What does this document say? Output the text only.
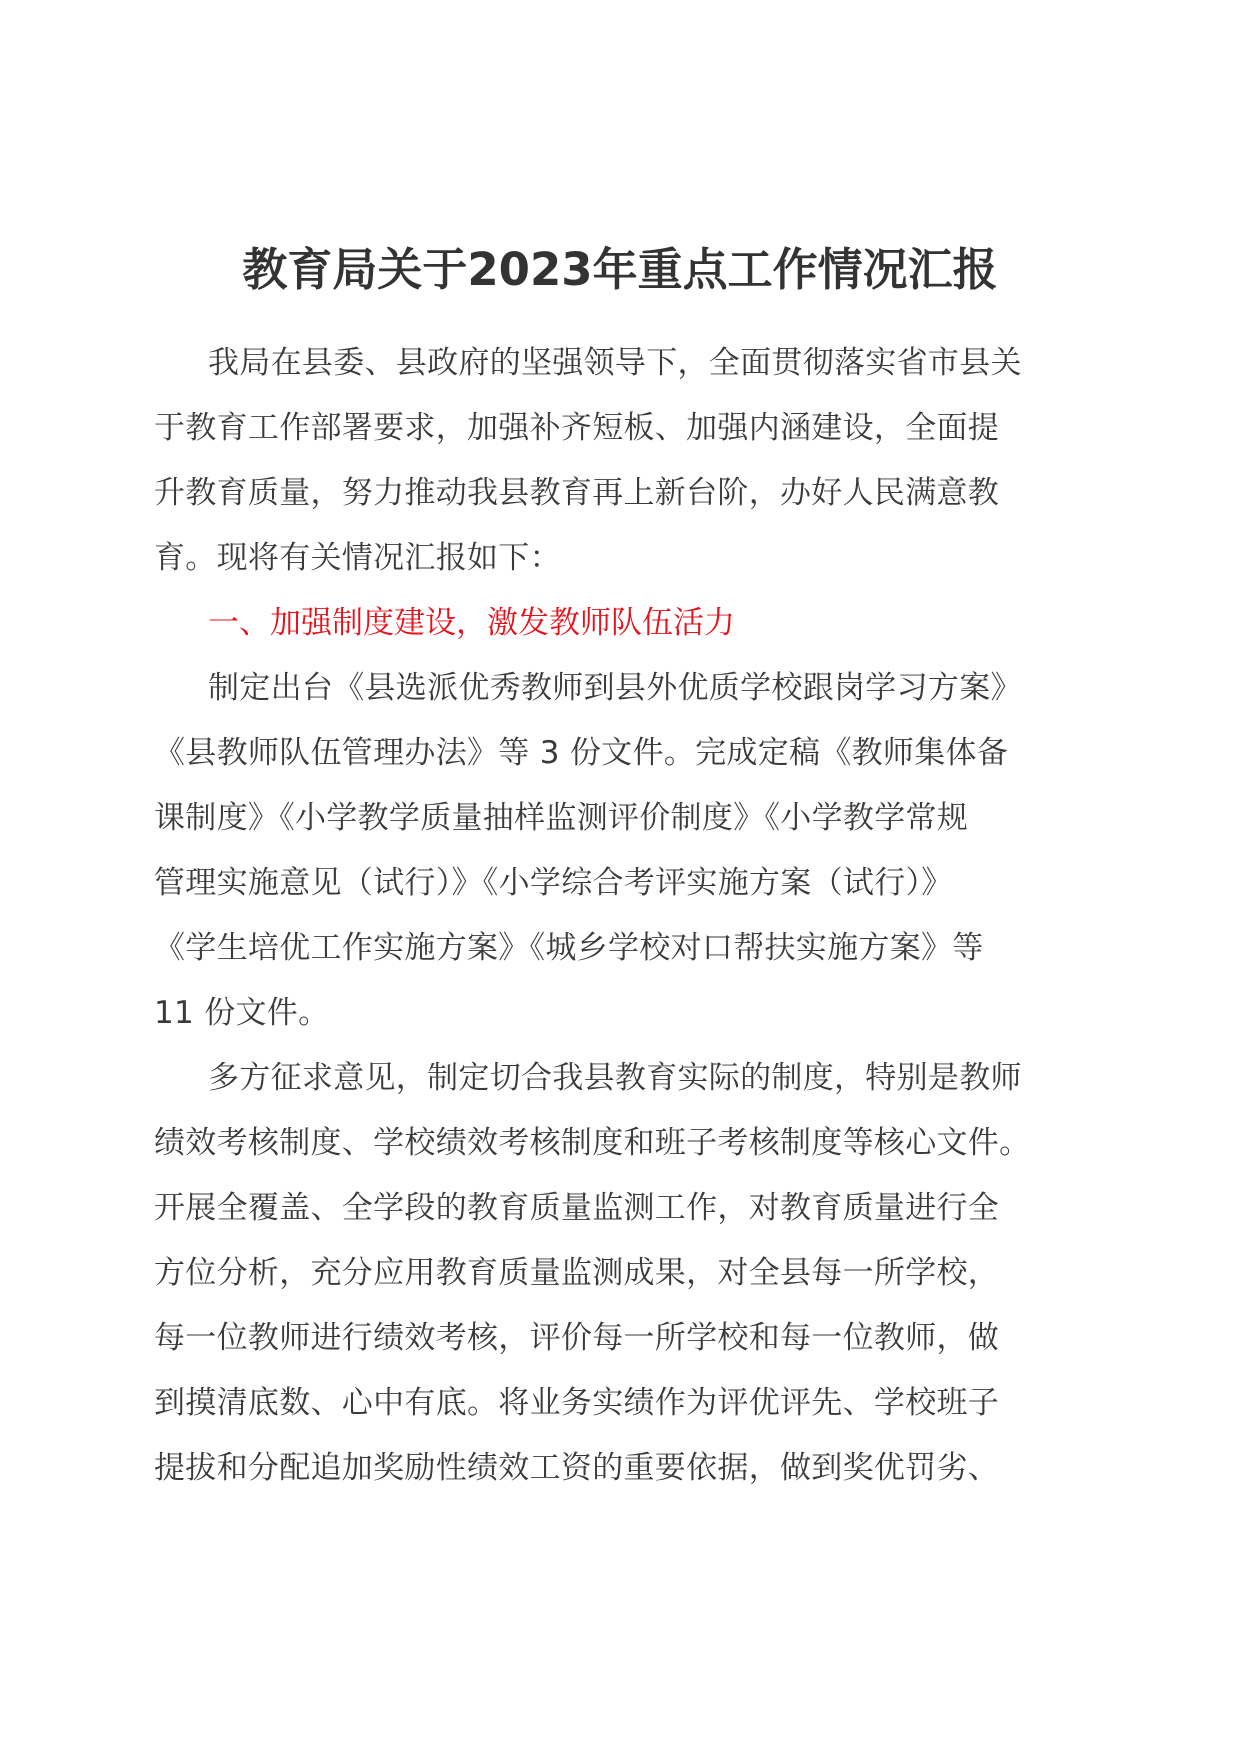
教育局关于2023年重点工作情况汇报

我局在县委、县政府的坚强领导下，全面贯彻落实省市县关
于教育工作部署要求，加强补齐短板、加强内涵建设，全面提
升教育质量，努力推动我县教育再上新台阶，办好人民满意教
育。现将有关情况汇报如下：

一、加强制度建设，激发教师队伍活力

制定出台《县选派优秀教师到县外优质学校跟岗学习方案》
《县教师队伍管理办法》等 3 份文件。完成定稿《教师集体备
课制度》《小学教学质量抽样监测评价制度》《小学教学常规
管理实施意见（试行）》《小学综合考评实施方案（试行）》
《学生培优工作实施方案》《城乡学校对口帮扶实施方案》等
11 份文件。

多方征求意见，制定切合我县教育实际的制度，特别是教师
绩效考核制度、学校绩效考核制度和班子考核制度等核心文件。
开展全覆盖、全学段的教育质量监测工作，对教育质量进行全
方位分析，充分应用教育质量监测成果，对全县每一所学校，
每一位教师进行绩效考核，评价每一所学校和每一位教师，做
到摸清底数、心中有底。将业务实绩作为评优评先、学校班子
提拔和分配追加奖励性绩效工资的重要依据，做到奖优罚劣、
